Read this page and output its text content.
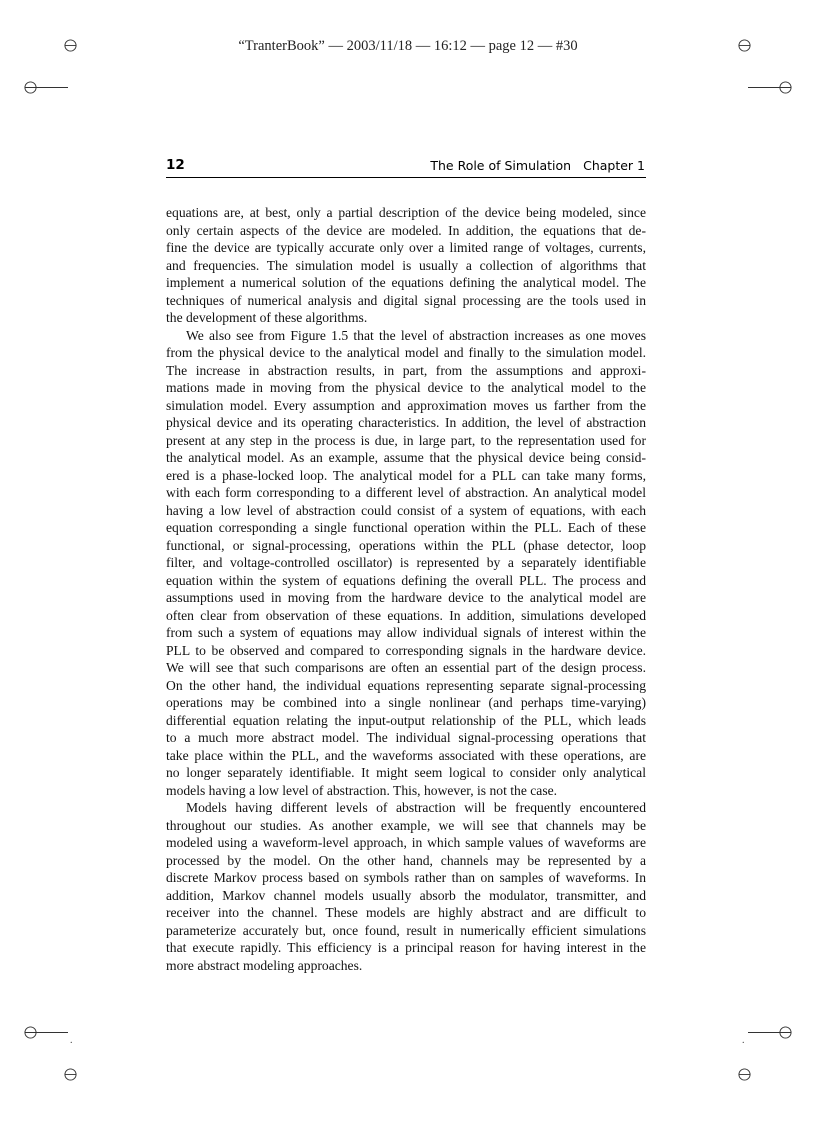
“TranterBook” — 2003/11/18 — 16:12 — page 12 — #30
12	The Role of Simulation Chapter 1

equations are, at best, only a partial description of the device being modeled, since
only certain aspects of the device are modeled. In addition, the equations that de-
fine the device are typically accurate only over a limited range of voltages, currents,
and frequencies. The simulation model is usually a collection of algorithms that
implement a numerical solution of the equations defining the analytical model. The
techniques of numerical analysis and digital signal processing are the tools used in
the development of these algorithms.

We also see from Figure 1.5 that the level of abstraction increases as one moves
from the physical device to the analytical model and finally to the simulation model.
The increase in abstraction results, in part, from the assumptions and approxi-
mations made in moving from the physical device to the analytical model to the
simulation model. Every assumption and approximation moves us farther from the
physical device and its operating characteristics. In addition, the level of abstraction
present at any step in the process is due, in large part, to the representation used for
the analytical model. As an example, assume that the physical device being consid-
ered is a phase-locked loop. The analytical model for a PLL can take many forms,
with each form corresponding to a different level of abstraction. An analytical model
having a low level of abstraction could consist of a system of equations, with each
equation corresponding a single functional operation within the PLL. Each of these
functional, or signal-processing, operations within the PLL (phase detector, loop
filter, and voltage-controlled oscillator) is represented by a separately identifiable
equation within the system of equations defining the overall PLL. The process and
assumptions used in moving from the hardware device to the analytical model are
often clear from observation of these equations. In addition, simulations developed
from such a system of equations may allow individual signals of interest within the
PLL to be observed and compared to corresponding signals in the hardware device.
We will see that such comparisons are often an essential part of the design process.
On the other hand, the individual equations representing separate signal-processing
operations may be combined into a single nonlinear (and perhaps time-varying)
differential equation relating the input-output relationship of the PLL, which leads
to a much more abstract model. The individual signal-processing operations that
take place within the PLL, and the waveforms associated with these operations, are
no longer separately identifiable. It might seem logical to consider only analytical
models having a low level of abstraction. This, however, is not the case.

Models having different levels of abstraction will be frequently encountered
throughout our studies. As another example, we will see that channels may be
modeled using a waveform-level approach, in which sample values of waveforms are
processed by the model. On the other hand, channels may be represented by a
discrete Markov process based on symbols rather than on samples of waveforms. In
addition, Markov channel models usually absorb the modulator, transmitter, and
receiver into the channel. These models are highly abstract and are difficult to
parameterize accurately but, once found, result in numerically efficient simulations
that execute rapidly. This efficiency is a principal reason for having interest in the
more abstract modeling approaches.

.	.
